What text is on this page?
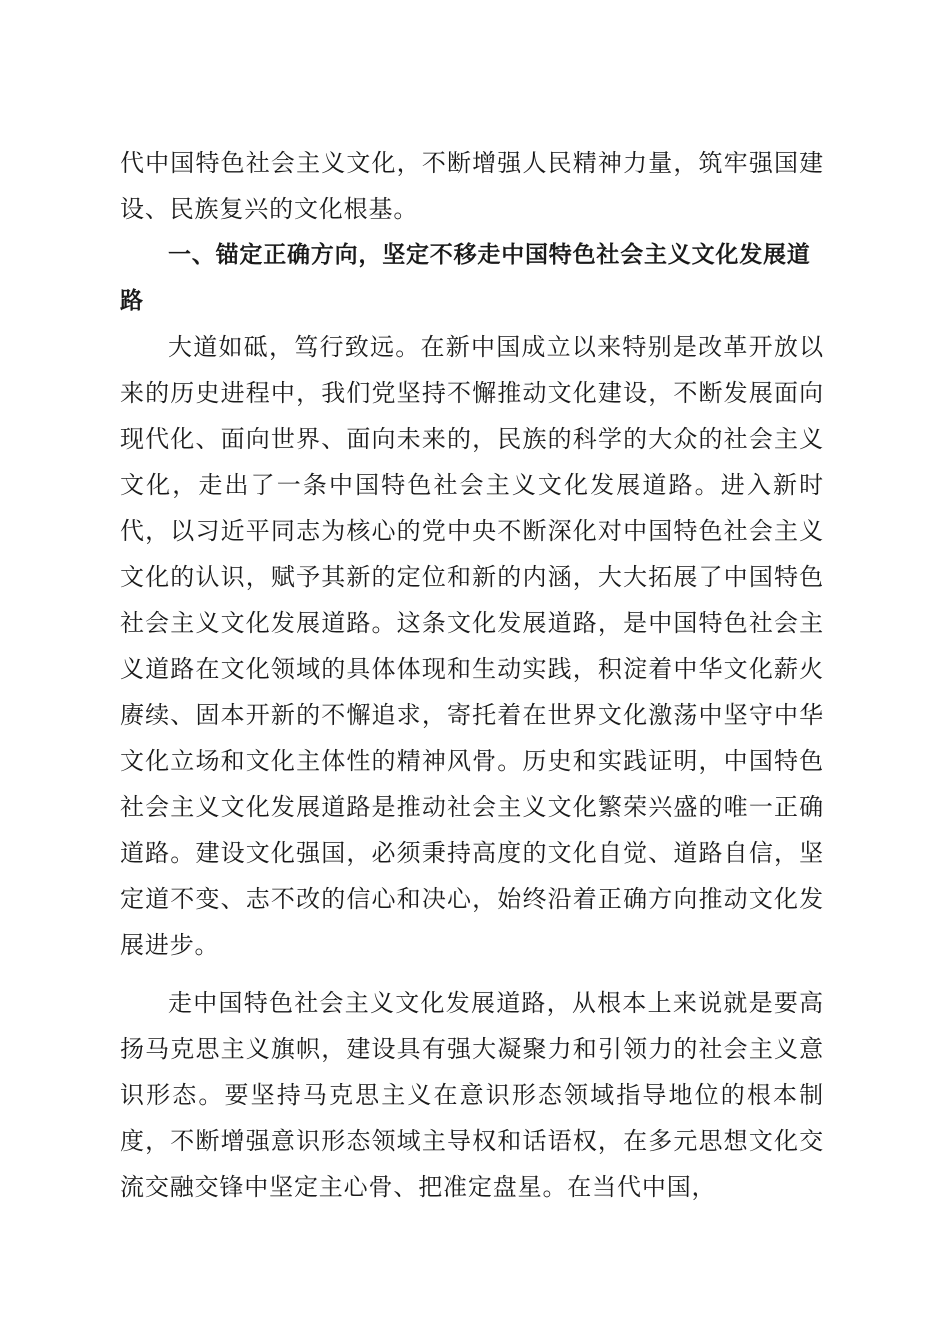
代中国特色社会主义文化，不断增强人民精神力量，筑牢强国建设、民族复兴的文化根基。

一、锚定正确方向，坚定不移走中国特色社会主义文化发展道路

大道如砥，笃行致远。在新中国成立以来特别是改革开放以来的历史进程中，我们党坚持不懈推动文化建设，不断发展面向现代化、面向世界、面向未来的，民族的科学的大众的社会主义文化，走出了一条中国特色社会主义文化发展道路。进入新时代，以习近平同志为核心的党中央不断深化对中国特色社会主义文化的认识，赋予其新的定位和新的内涵，大大拓展了中国特色社会主义文化发展道路。这条文化发展道路，是中国特色社会主义道路在文化领域的具体体现和生动实践，积淀着中华文化薪火赓续、固本开新的不懈追求，寄托着在世界文化激荡中坚守中华文化立场和文化主体性的精神风骨。历史和实践证明，中国特色社会主义文化发展道路是推动社会主义文化繁荣兴盛的唯一正确道路。建设文化强国，必须秉持高度的文化自觉、道路自信，坚定道不变、志不改的信心和决心，始终沿着正确方向推动文化发展进步。

走中国特色社会主义文化发展道路，从根本上来说就是要高扬马克思主义旗帜，建设具有强大凝聚力和引领力的社会主义意识形态。要坚持马克思主义在意识形态领域指导地位的根本制度，不断增强意识形态领域主导权和话语权，在多元思想文化交流交融交锋中坚定主心骨、把准定盘星。在当代中国，
